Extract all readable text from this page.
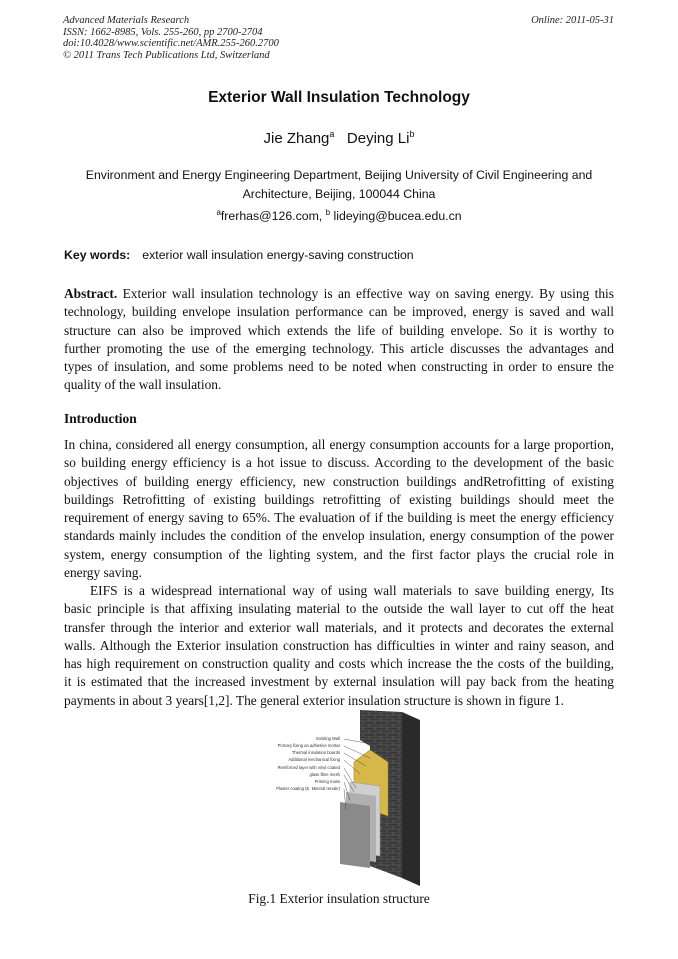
Advanced Materials Research
ISSN: 1662-8985, Vols. 255-260, pp 2700-2704
doi:10.4028/www.scientific.net/AMR.255-260.2700
© 2011 Trans Tech Publications Ltd, Switzerland
Online: 2011-05-31
Exterior Wall Insulation Technology
Jie Zhang$^a$ Deying Li$^b$
Environment and Energy Engineering Department, Beijing University of Civil Engineering and
Architecture, Beijing, 100044 China
$^a$frerhas@126.com, $^b$ lideying@bucea.edu.cn
Key words: exterior wall insulation energy-saving construction
Abstract. Exterior wall insulation technology is an effective way on saving energy. By using this
technology, building envelope insulation performance can be improved, energy is saved and wall
structure can also be improved which extends the life of building envelope. So it is worthy to
further promoting the use of the emerging technology. This article discusses the advantages and
types of insulation, and some problems need to be noted when constructing in order to ensure the
quality of the wall insulation.
Introduction
In china, considered all energy consumption, all energy consumption accounts for a large proportion,
so building energy efficiency is a hot issue to discuss. According to the development of the basic
objectives of building energy efficiency, new construction buildings andRetrofitting of existing
buildings Retrofitting of existing buildings retrofitting of existing buildings should meet the
requirement of energy saving to 65%. The evaluation of if the building is meet the energy efficiency
standards mainly includes the condition of the envelop insulation, energy consumption of the power
system, energy consumption of the lighting system, and the first factor plays the crucial role in
energy saving.
EIFS is a widespread international way of using wall materials to save building energy, Its
basic principle is that affixing insulating material to the outside the wall layer to cut off the heat
transfer through the interior and exterior wall materials, and it protects and decorates the external
walls. Although the Exterior insulation construction has difficulties in winter and rainy season, and
has high requirement on construction quality and costs which increase the the costs of the building,
it is estimated that the increased investment by external insulation will pay back from the heating
payments in about 3 years[1,2]. The general exterior insulation structure is shown in figure 1.
Existing Wall
Primary fixing an adhesive mortar
Thermal insulation boards
Additional mechanical fixing
Reinforced layer with vinyl coated
glass fibre mesh
Priming mass
Plaster coating (E. Mineral render)
Fig.1 Exterior insulation structure
